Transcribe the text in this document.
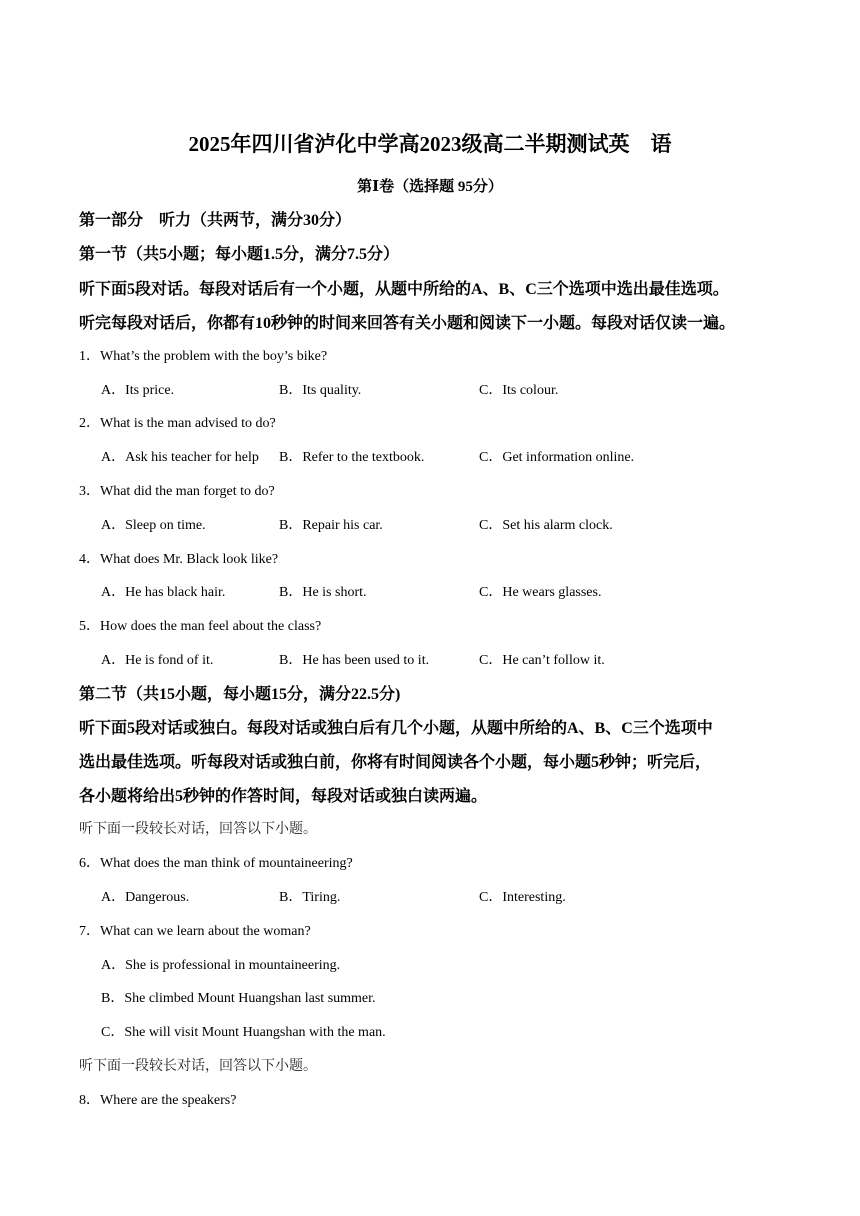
2025年四川省泸化中学高2023级高二半期测试英　语
第Ⅰ卷（选择题 95分）
第一部分　听力（共两节，满分30分）
第一节（共5小题；每小题1.5分，满分7.5分）
听下面5段对话。每段对话后有一个小题，从题中所给的A、B、C三个选项中选出最佳选项。
听完每段对话后，你都有10秒钟的时间来回答有关小题和阅读下一小题。每段对话仅读一遍。
1．What’s the problem with the boy’s bike?
A．Its price.	B．Its quality.	C．Its colour.
2．What is the man advised to do?
A．Ask his teacher for help B．Refer to the textbook.	C．Get information online.
3．What did the man forget to do?
A．Sleep on time.	B．Repair his car.	C．Set his alarm clock.
4．What does Mr. Black look like?
A．He has black hair.	B．He is short.	C．He wears glasses.
5．How does the man feel about the class?
A．He is fond of it.	B．He has been used to it.	C．He can’t follow it.
第二节（共15小题，每小题15分，满分22.5分)
听下面5段对话或独白。每段对话或独白后有几个小题，从题中所给的A、B、C三个选项中
选出最佳选项。听每段对话或独白前，你将有时间阅读各个小题，每小题5秒钟；听完后，
各小题将给出5秒钟的作答时间，每段对话或独白读两遍。
听下面一段较长对话，回答以下小题。
6．What does the man think of mountaineering?
A．Dangerous.	B．Tiring.	C．Interesting.
7．What can we learn about the woman?
A．She is professional in mountaineering.
B．She climbed Mount Huangshan last summer.
C．She will visit Mount Huangshan with the man.
听下面一段较长对话，回答以下小题。
8．Where are the speakers?
